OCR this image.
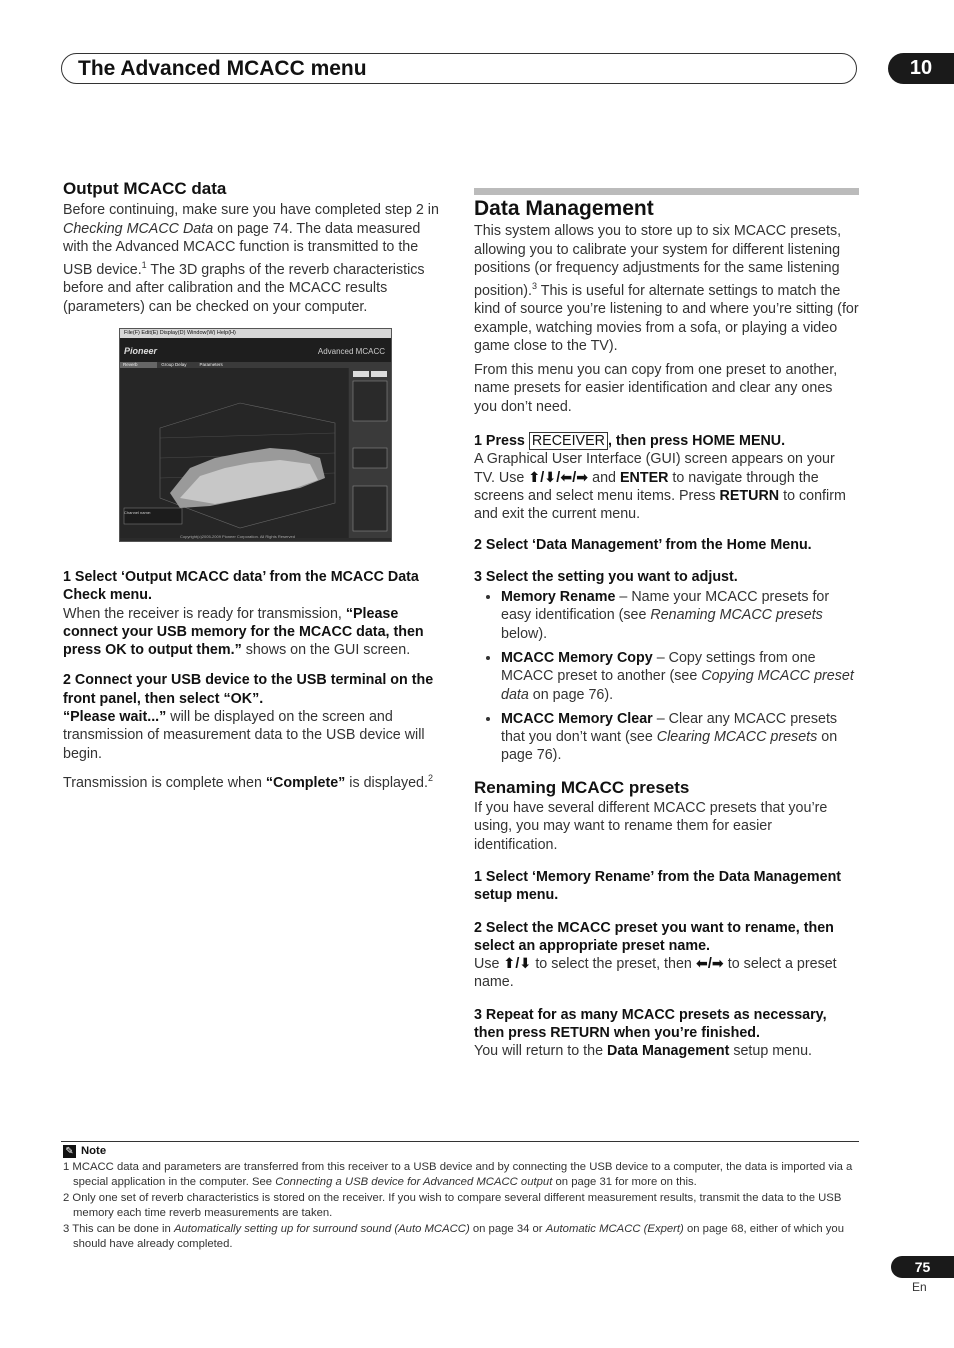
The Advanced MCACC menu	10
Output MCACC data

Before continuing, make sure you have completed step 2 in Checking MCACC Data on page 74. The data measured with the Advanced MCACC function is transmitted to the USB device.$^1$ The 3D graphs of the reverb characteristics before and after calibration and the MCACC results (parameters) can be checked on your computer.

File(F) Edit(E) Display(D) Window(W) Help(H)
Pioneer	Advanced MCACC
Reverb	Group Delay	Parameters
Channel name:
Copyright(c)2005-2009 Pioneer Corporation. All Rights Reserved

1 Select ‘Output MCACC data’ from the MCACC Data Check menu.

When the receiver is ready for transmission, “Please connect your USB memory for the MCACC data, then press OK to output them.” shows on the GUI screen.

2 Connect your USB device to the USB terminal on the front panel, then select “OK”.

“Please wait...” will be displayed on the screen and transmission of measurement data to the USB device will begin.

Transmission is complete when “Complete” is displayed.$^2$

Data Management

This system allows you to store up to six MCACC presets, allowing you to calibrate your system for different listening positions (or frequency adjustments for the same listening position).$^3$ This is useful for alternate settings to match the kind of source you’re listening to and where you’re sitting (for example, watching movies from a sofa, or playing a video game close to the TV).

From this menu you can copy from one preset to another, name presets for easier identification and clear any ones you don’t need.

1 Press RECEIVER , then press HOME MENU.

A Graphical User Interface (GUI) screen appears on your TV. Use ⬆/⬇/⬅/➡ and ENTER to navigate through the screens and select menu items. Press RETURN to confirm and exit the current menu.

2 Select ‘Data Management’ from the Home Menu.

3 Select the setting you want to adjust.

• Memory Rename – Name your MCACC presets for easy identification (see Renaming MCACC presets below).
• MCACC Memory Copy – Copy settings from one MCACC preset to another (see Copying MCACC preset data on page 76).
• MCACC Memory Clear – Clear any MCACC presets that you don’t want (see Clearing MCACC presets on page 76).
Renaming MCACC presets

If you have several different MCACC presets that you’re using, you may want to rename them for easier identification.

1 Select ‘Memory Rename’ from the Data Management setup menu.

2 Select the MCACC preset you want to rename, then select an appropriate preset name.

Use ⬆/⬇ to select the preset, then ⬅/➡ to select a preset name.

3 Repeat for as many MCACC presets as necessary, then press RETURN when you’re finished.

You will return to the Data Management setup menu.

✎ Note

1 MCACC data and parameters are transferred from this receiver to a USB device and by connecting the USB device to a computer, the data is imported via a special application in the computer. See Connecting a USB device for Advanced MCACC output on page 31 for more on this.

2 Only one set of reverb characteristics is stored on the receiver. If you wish to compare several different measurement results, transmit the data to the USB memory each time reverb measurements are taken.

3 This can be done in Automatically setting up for surround sound (Auto MCACC) on page 34 or Automatic MCACC (Expert) on page 68, either of which you should have already completed.

75
En
